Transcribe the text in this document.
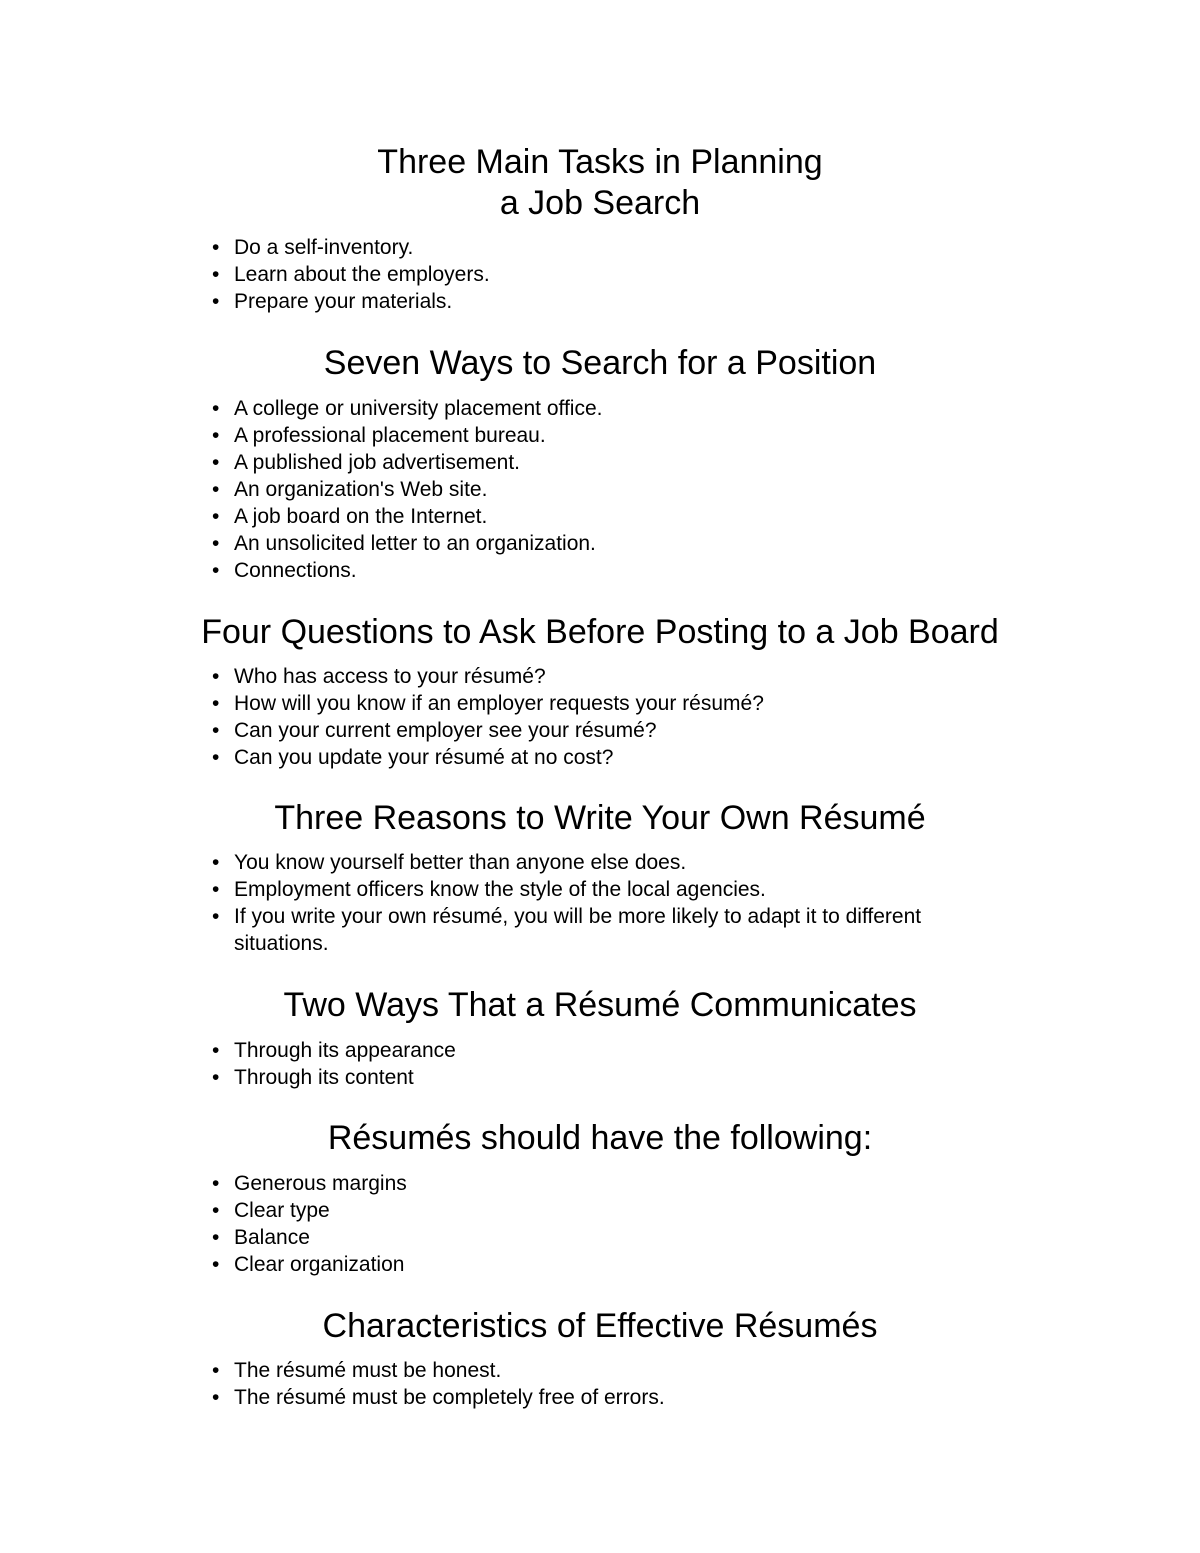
Three Main Tasks in Planning
a Job Search
• Do a self-inventory.
• Learn about the employers.
• Prepare your materials.
Seven Ways to Search for a Position
• A college or university placement office.
• A professional placement bureau.
• A published job advertisement.
• An organization's Web site.
• A job board on the Internet.
• An unsolicited letter to an organization.
• Connections.
Four Questions to Ask Before Posting to a Job Board
• Who has access to your résumé?
• How will you know if an employer requests your résumé?
• Can your current employer see your résumé?
• Can you update your résumé at no cost?
Three Reasons to Write Your Own Résumé
• You know yourself better than anyone else does.
• Employment officers know the style of the local agencies.
• If you write your own résumé, you will be more likely to adapt it to different situations.
Two Ways That a Résumé Communicates
• Through its appearance
• Through its content
Résumés should have the following:
• Generous margins
• Clear type
• Balance
• Clear organization
Characteristics of Effective Résumés
• The résumé must be honest.
• The résumé must be completely free of errors.
